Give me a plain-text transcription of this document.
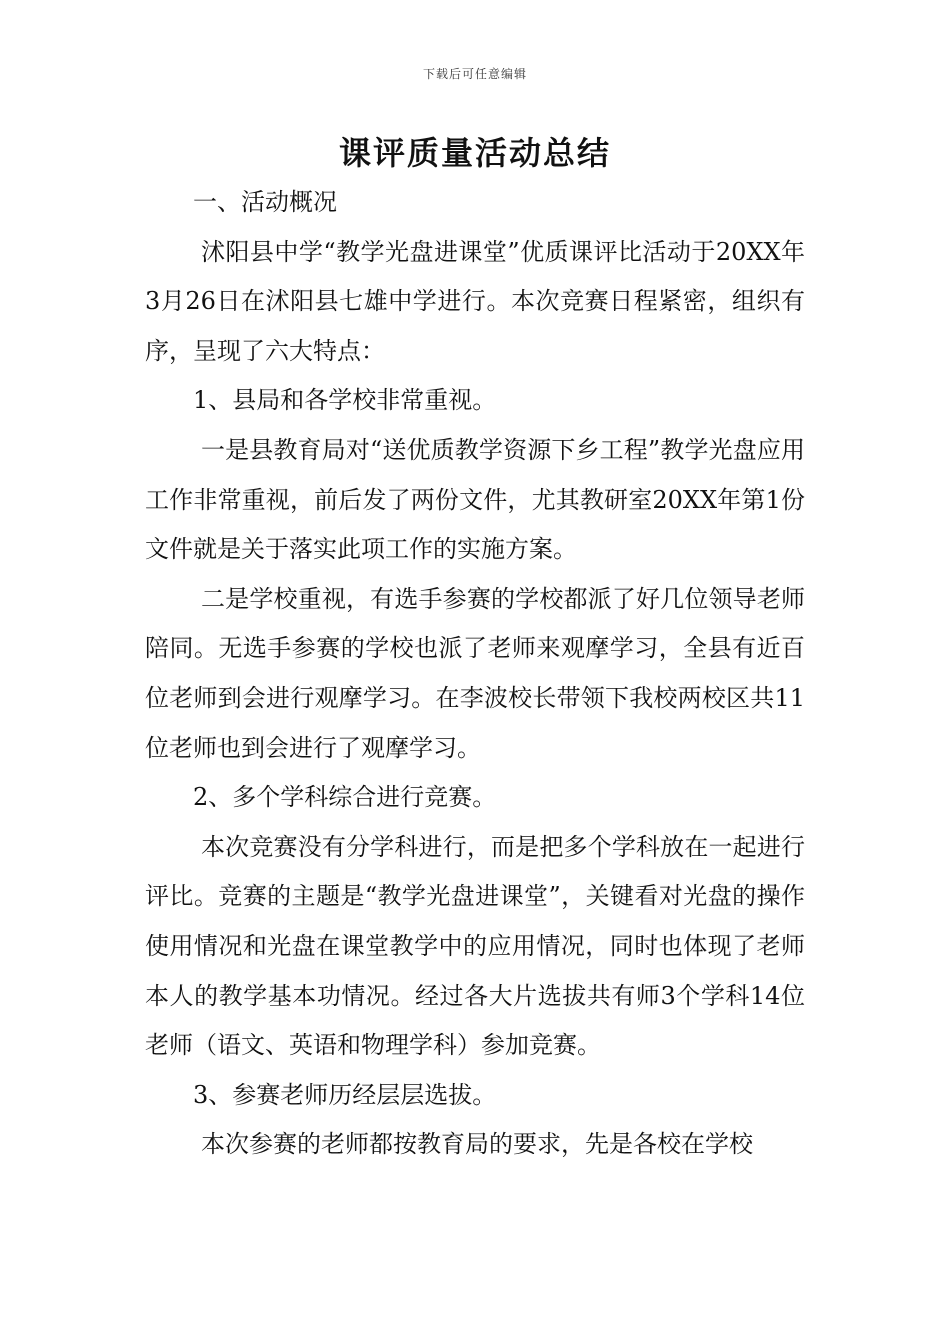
下载后可任意编辑
课评质量活动总结

一、活动概况

沭阳县中学“教学光盘进课堂”优质课评比活动于20XX年3月26日在沭阳县七雄中学进行。本次竞赛日程紧密，组织有序，呈现了六大特点：

1、县局和各学校非常重视。

一是县教育局对“送优质教学资源下乡工程”教学光盘应用工作非常重视，前后发了两份文件，尤其教研室20XX年第1份文件就是关于落实此项工作的实施方案。

二是学校重视，有选手参赛的学校都派了好几位领导老师陪同。无选手参赛的学校也派了老师来观摩学习，全县有近百位老师到会进行观摩学习。在李波校长带领下我校两校区共11位老师也到会进行了观摩学习。

2、多个学科综合进行竞赛。

本次竞赛没有分学科进行，而是把多个学科放在一起进行评比。竞赛的主题是“教学光盘进课堂”，关键看对光盘的操作使用情况和光盘在课堂教学中的应用情况，同时也体现了老师本人的教学基本功情况。经过各大片选拔共有师3个学科14位老师（语文、英语和物理学科）参加竞赛。

3、参赛老师历经层层选拔。

本次参赛的老师都按教育局的要求，先是各校在学校
